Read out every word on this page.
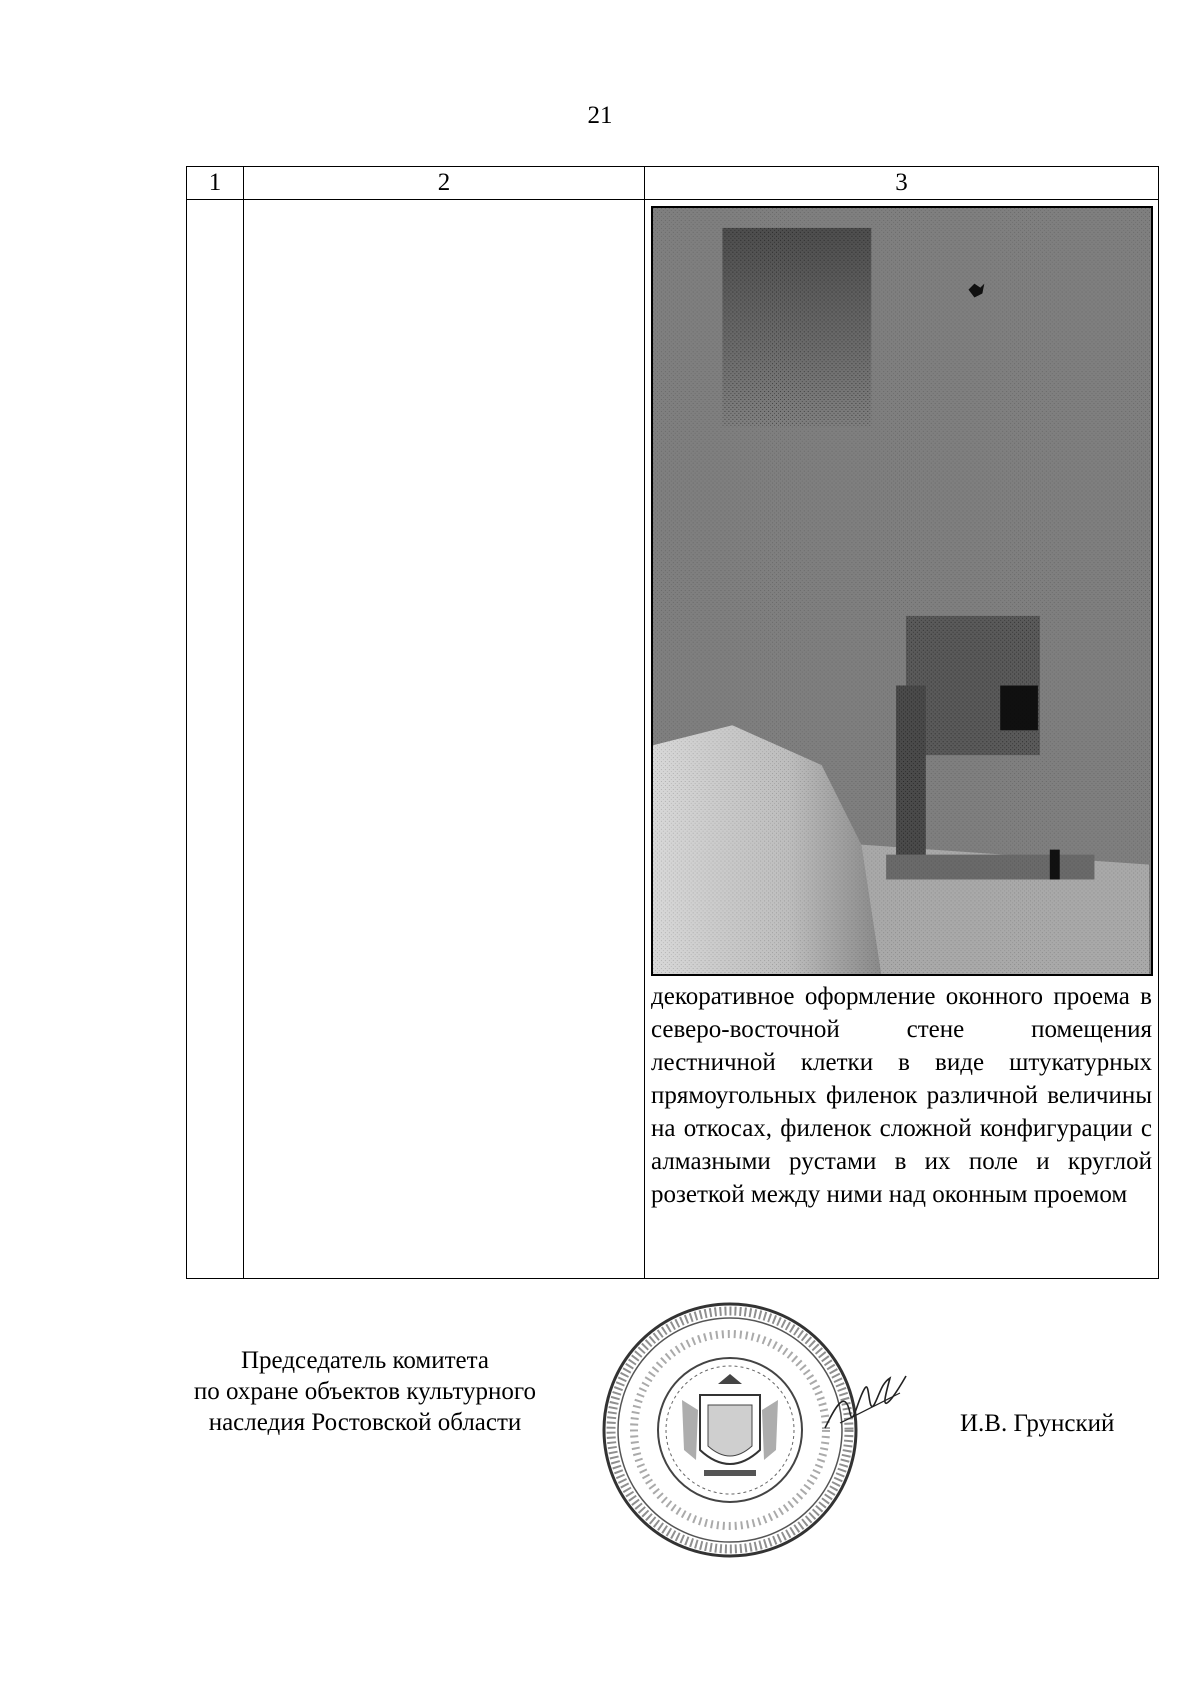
21
1	2	3

		декоративное оформление оконного проема в северо-восточной стене помещения лестничной клетки в виде штукатурных прямоугольных филенок различной величины на откосах, филенок сложной конфигурации с алмазными рустами в их поле и круглой розеткой между ними над оконным проемом
Председатель комитета
по охране объектов культурного
наследия Ростовской области	И.В. Грунский
